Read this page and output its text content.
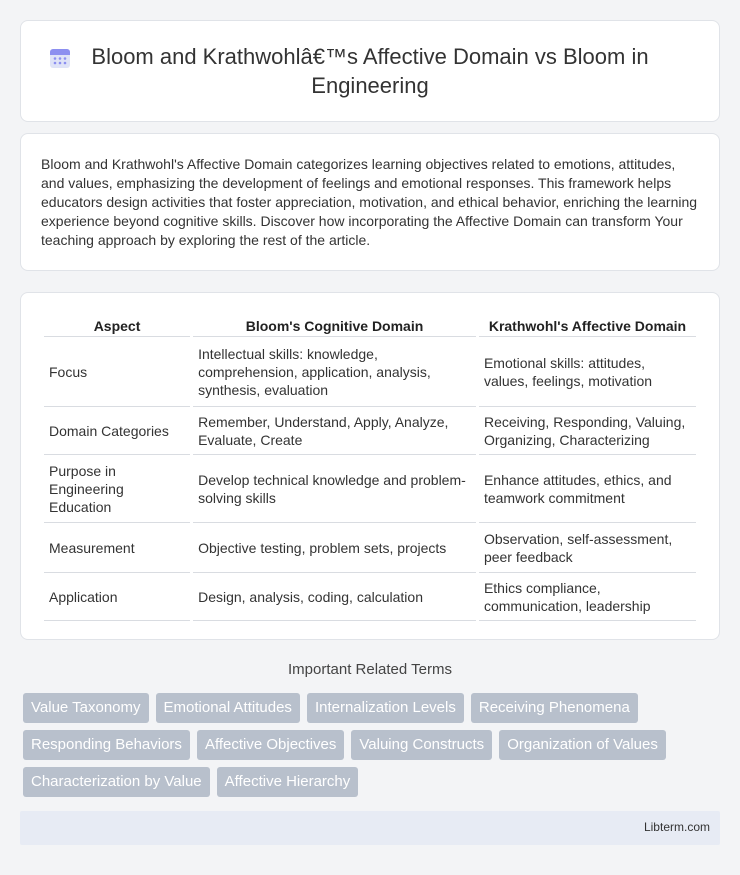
Bloom and Krathwohlâ€™s Affective Domain vs Bloom in Engineering

Bloom and Krathwohl's Affective Domain categorizes learning objectives related to emotions, attitudes, and values, emphasizing the development of feelings and emotional responses. This framework helps educators design activities that foster appreciation, motivation, and ethical behavior, enriching the learning experience beyond cognitive skills. Discover how incorporating the Affective Domain can transform Your teaching approach by exploring the rest of the article.

Aspect	Bloom's Cognitive Domain	Krathwohl's Affective Domain
Focus	Intellectual skills: knowledge, comprehension, application, analysis, synthesis, evaluation	Emotional skills: attitudes, values, feelings, motivation
Domain Categories	Remember, Understand, Apply, Analyze, Evaluate, Create	Receiving, Responding, Valuing, Organizing, Characterizing
Purpose in Engineering Education	Develop technical knowledge and problem-solving skills	Enhance attitudes, ethics, and teamwork commitment
Measurement	Objective testing, problem sets, projects	Observation, self-assessment, peer feedback
Application	Design, analysis, coding, calculation	Ethics compliance, communication, leadership
Important Related Terms
Value Taxonomy	Emotional Attitudes	Internalization Levels	Receiving Phenomena
Responding Behaviors	Affective Objectives	Valuing Constructs	Organization of Values
Characterization by Value	Affective Hierarchy
Libterm.com
